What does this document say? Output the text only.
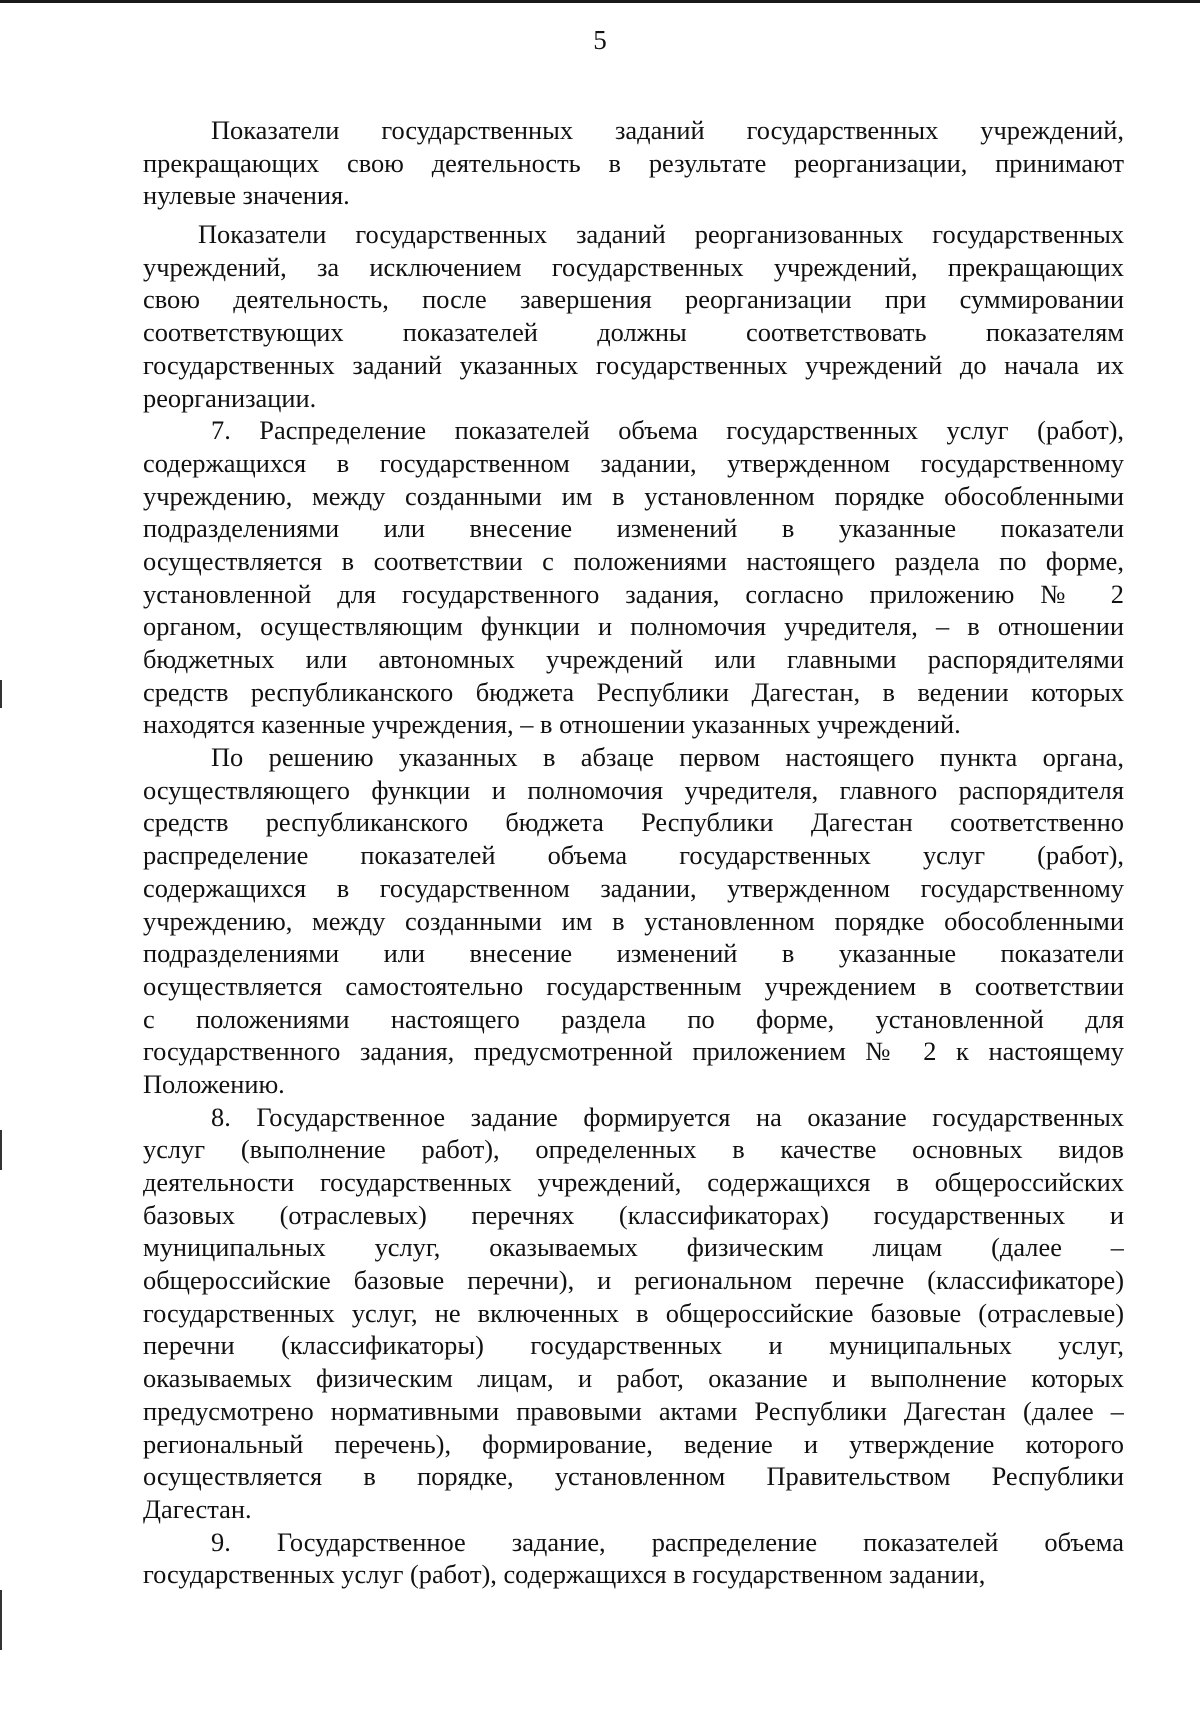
5
Показатели государственных заданий государственных учреждений,
прекращающих свою деятельность в результате реорганизации, принимают
нулевые значения.
Показатели государственных заданий реорганизованных государственных
учреждений, за исключением государственных учреждений, прекращающих
свою деятельность, после завершения реорганизации при суммировании
соответствующих показателей должны соответствовать показателям
государственных заданий указанных государственных учреждений до начала их
реорганизации.
7. Распределение показателей объема государственных услуг (работ),
содержащихся в государственном задании, утвержденном государственному
учреждению, между созданными им в установленном порядке обособленными
подразделениями или внесение изменений в указанные показатели
осуществляется в соответствии с положениями настоящего раздела по форме,
установленной для государственного задания, согласно приложению № 2
органом, осуществляющим функции и полномочия учредителя, – в отношении
бюджетных или автономных учреждений или главными распорядителями
средств республиканского бюджета Республики Дагестан, в ведении которых
находятся казенные учреждения, – в отношении указанных учреждений.
По решению указанных в абзаце первом настоящего пункта органа,
осуществляющего функции и полномочия учредителя, главного распорядителя
средств республиканского бюджета Республики Дагестан соответственно
распределение показателей объема государственных услуг (работ),
содержащихся в государственном задании, утвержденном государственному
учреждению, между созданными им в установленном порядке обособленными
подразделениями или внесение изменений в указанные показатели
осуществляется самостоятельно государственным учреждением в соответствии
с положениями настоящего раздела по форме, установленной для
государственного задания, предусмотренной приложением № 2 к настоящему
Положению.
8. Государственное задание формируется на оказание государственных
услуг (выполнение работ), определенных в качестве основных видов
деятельности государственных учреждений, содержащихся в общероссийских
базовых (отраслевых) перечнях (классификаторах) государственных и
муниципальных услуг, оказываемых физическим лицам (далее –
общероссийские базовые перечни), и региональном перечне (классификаторе)
государственных услуг, не включенных в общероссийские базовые (отраслевые)
перечни (классификаторы) государственных и муниципальных услуг,
оказываемых физическим лицам, и работ, оказание и выполнение которых
предусмотрено нормативными правовыми актами Республики Дагестан (далее –
региональный перечень), формирование, ведение и утверждение которого
осуществляется в порядке, установленном Правительством Республики
Дагестан.
9. Государственное задание, распределение показателей объема
государственных услуг (работ), содержащихся в государственном задании,
